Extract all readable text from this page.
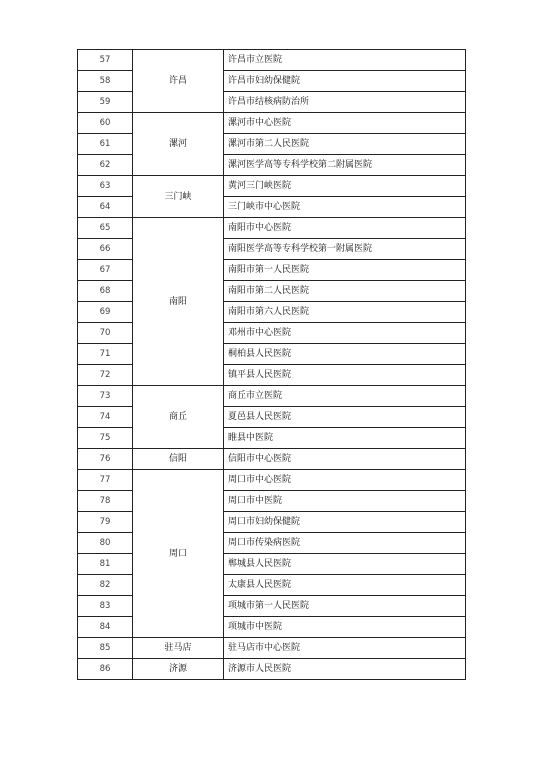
57	许昌	许昌市立医院
58		许昌市妇幼保健院
59		许昌市结核病防治所
60	漯河	漯河市中心医院
61		漯河市第二人民医院
62		漯河医学高等专科学校第二附属医院
63	三门峡	黄河三门峡医院
64		三门峡市中心医院
65	南阳	南阳市中心医院
66		南阳医学高等专科学校第一附属医院
67		南阳市第一人民医院
68		南阳市第二人民医院
69		南阳市第六人民医院
70		邓州市中心医院
71		桐柏县人民医院
72		镇平县人民医院
73	商丘	商丘市立医院
74		夏邑县人民医院
75		睢县中医院
76	信阳	信阳市中心医院
77	周口	周口市中心医院
78		周口市中医院
79		周口市妇幼保健院
80		周口市传染病医院
81		郸城县人民医院
82		太康县人民医院
83		项城市第一人民医院
84		项城市中医院
85	驻马店	驻马店市中心医院
86	济源	济源市人民医院
